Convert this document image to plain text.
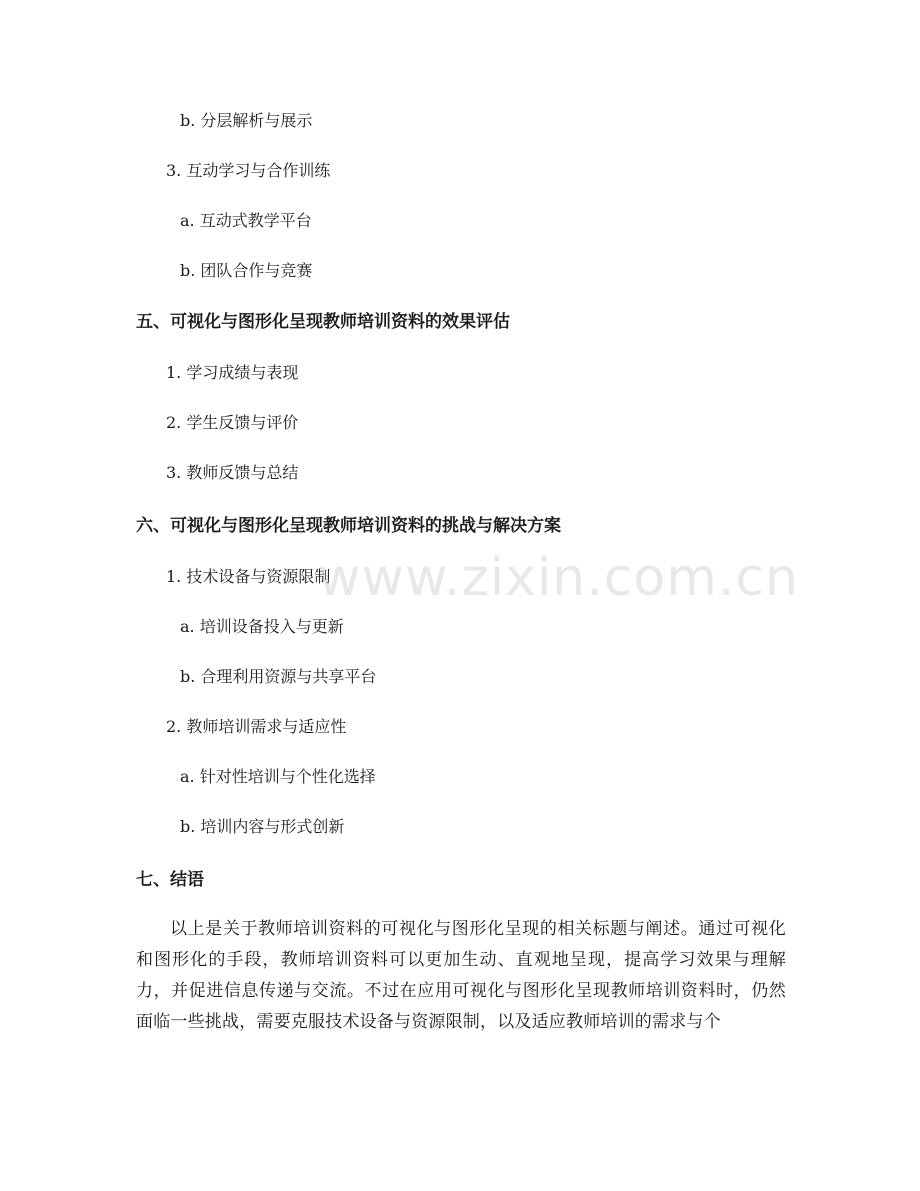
b. 分层解析与展示
3. 互动学习与合作训练
a. 互动式教学平台
b. 团队合作与竞赛
五、可视化与图形化呈现教师培训资料的效果评估
1. 学习成绩与表现
2. 学生反馈与评价
3. 教师反馈与总结
六、可视化与图形化呈现教师培训资料的挑战与解决方案
1. 技术设备与资源限制
a. 培训设备投入与更新
b. 合理利用资源与共享平台
2. 教师培训需求与适应性
a. 针对性培训与个性化选择
b. 培训内容与形式创新
七、结语
以上是关于教师培训资料的可视化与图形化呈现的相关标题与阐述。通过可视化和图形化的手段，教师培训资料可以更加生动、直观地呈现，提高学习效果与理解力，并促进信息传递与交流。不过在应用可视化与图形化呈现教师培训资料时，仍然面临一些挑战，需要克服技术设备与资源限制，以及适应教师培训的需求与个
www.zixin.com.cn
